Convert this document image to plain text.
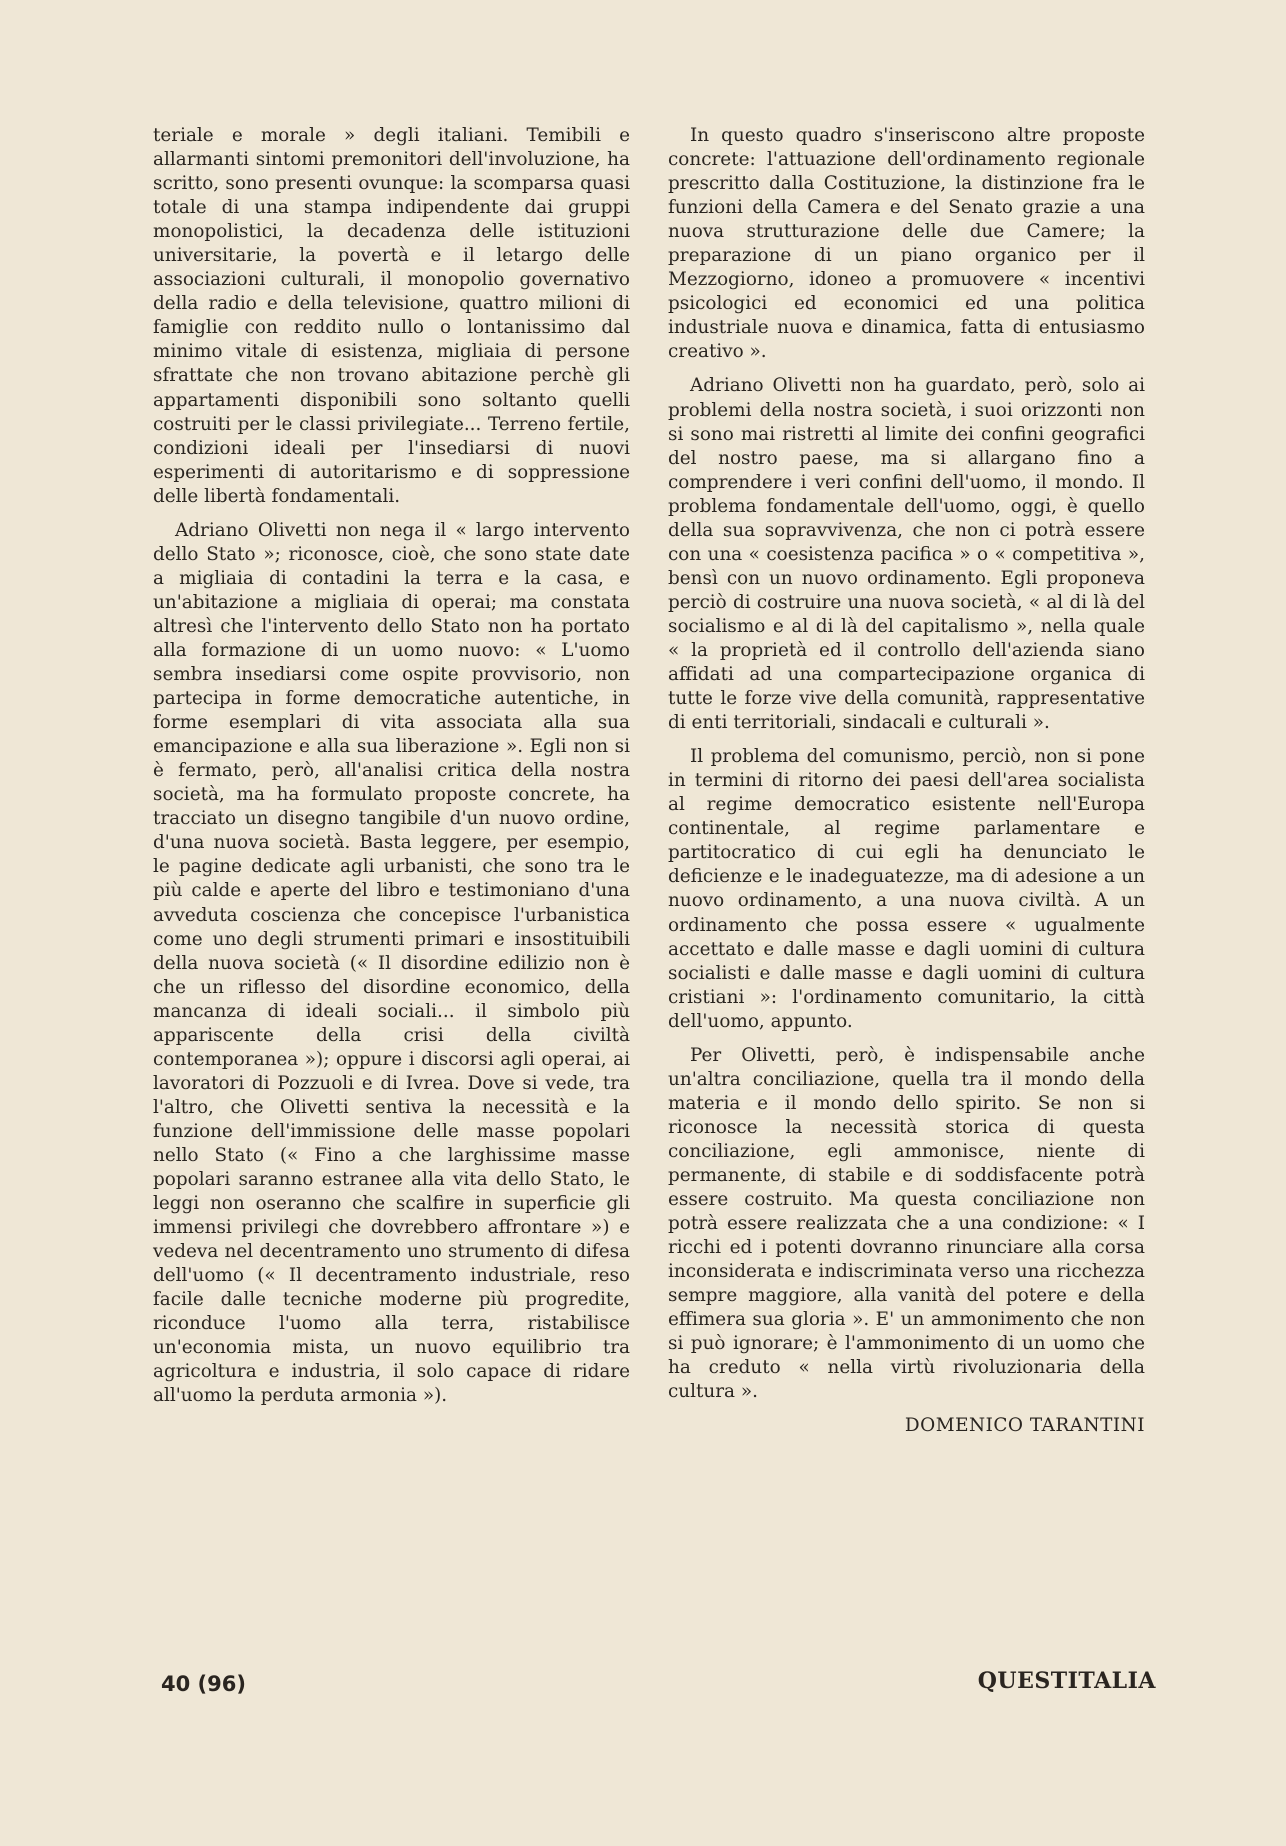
teriale e morale » degli italiani. Temibili e allarmanti sintomi premonitori dell'involuzione, ha scritto, sono presenti ovunque: la scomparsa quasi totale di una stampa indipendente dai gruppi monopolistici, la decadenza delle istituzioni universitarie, la povertà e il letargo delle associazioni culturali, il monopolio governativo della radio e della televisione, quattro milioni di famiglie con reddito nullo o lontanissimo dal minimo vitale di esistenza, migliaia di persone sfrattate che non trovano abitazione perchè gli appartamenti disponibili sono soltanto quelli costruiti per le classi privilegiate... Terreno fertile, condizioni ideali per l'insediarsi di nuovi esperimenti di autoritarismo e di soppressione delle libertà fondamentali.

Adriano Olivetti non nega il « largo intervento dello Stato »; riconosce, cioè, che sono state date a migliaia di contadini la terra e la casa, e un'abitazione a migliaia di operai; ma constata altresì che l'intervento dello Stato non ha portato alla formazione di un uomo nuovo: « L'uomo sembra insediarsi come ospite provvisorio, non partecipa in forme democratiche autentiche, in forme esemplari di vita associata alla sua emancipazione e alla sua liberazione ». Egli non si è fermato, però, all'analisi critica della nostra società, ma ha formulato proposte concrete, ha tracciato un disegno tangibile d'un nuovo ordine, d'una nuova società. Basta leggere, per esempio, le pagine dedicate agli urbanisti, che sono tra le più calde e aperte del libro e testimoniano d'una avveduta coscienza che concepisce l'urbanistica come uno degli strumenti primari e insostituibili della nuova società (« Il disordine edilizio non è che un riflesso del disordine economico, della mancanza di ideali sociali... il simbolo più appariscente della crisi della civiltà contemporanea »); oppure i discorsi agli operai, ai lavoratori di Pozzuoli e di Ivrea. Dove si vede, tra l'altro, che Olivetti sentiva la necessità e la funzione dell'immissione delle masse popolari nello Stato (« Fino a che larghissime masse popolari saranno estranee alla vita dello Stato, le leggi non oseranno che scalfire in superficie gli immensi privilegi che dovrebbero affrontare ») e vedeva nel decentramento uno strumento di difesa dell'uomo (« Il decentramento industriale, reso facile dalle tecniche moderne più progredite, riconduce l'uomo alla terra, ristabilisce un'economia mista, un nuovo equilibrio tra agricoltura e industria, il solo capace di ridare all'uomo la perduta armonia »).

In questo quadro s'inseriscono altre proposte concrete: l'attuazione dell'ordinamento regionale prescritto dalla Costituzione, la distinzione fra le funzioni della Camera e del Senato grazie a una nuova strutturazione delle due Camere; la preparazione di un piano organico per il Mezzogiorno, idoneo a promuovere « incentivi psicologici ed economici ed una politica industriale nuova e dinamica, fatta di entusiasmo creativo ».

Adriano Olivetti non ha guardato, però, solo ai problemi della nostra società, i suoi orizzonti non si sono mai ristretti al limite dei confini geografici del nostro paese, ma si allargano fino a comprendere i veri confini dell'uomo, il mondo. Il problema fondamentale dell'uomo, oggi, è quello della sua sopravvivenza, che non ci potrà essere con una « coesistenza pacifica » o « competitiva », bensì con un nuovo ordinamento. Egli proponeva perciò di costruire una nuova società, « al di là del socialismo e al di là del capitalismo », nella quale « la proprietà ed il controllo dell'azienda siano affidati ad una compartecipazione organica di tutte le forze vive della comunità, rappresentative di enti territoriali, sindacali e culturali ».

Il problema del comunismo, perciò, non si pone in termini di ritorno dei paesi dell'area socialista al regime democratico esistente nell'Europa continentale, al regime parlamentare e partitocratico di cui egli ha denunciato le deficienze e le inadeguatezze, ma di adesione a un nuovo ordinamento, a una nuova civiltà. A un ordinamento che possa essere « ugualmente accettato e dalle masse e dagli uomini di cultura socialisti e dalle masse e dagli uomini di cultura cristiani »: l'ordinamento comunitario, la città dell'uomo, appunto.

Per Olivetti, però, è indispensabile anche un'altra conciliazione, quella tra il mondo della materia e il mondo dello spirito. Se non si riconosce la necessità storica di questa conciliazione, egli ammonisce, niente di permanente, di stabile e di soddisfacente potrà essere costruito. Ma questa conciliazione non potrà essere realizzata che a una condizione: « I ricchi ed i potenti dovranno rinunciare alla corsa inconsiderata e indiscriminata verso una ricchezza sempre maggiore, alla vanità del potere e della effimera sua gloria ». E' un ammonimento che non si può ignorare; è l'ammonimento di un uomo che ha creduto « nella virtù rivoluzionaria della cultura ».

DOMENICO TARANTINI
40 (96)	QUESTITALIA
